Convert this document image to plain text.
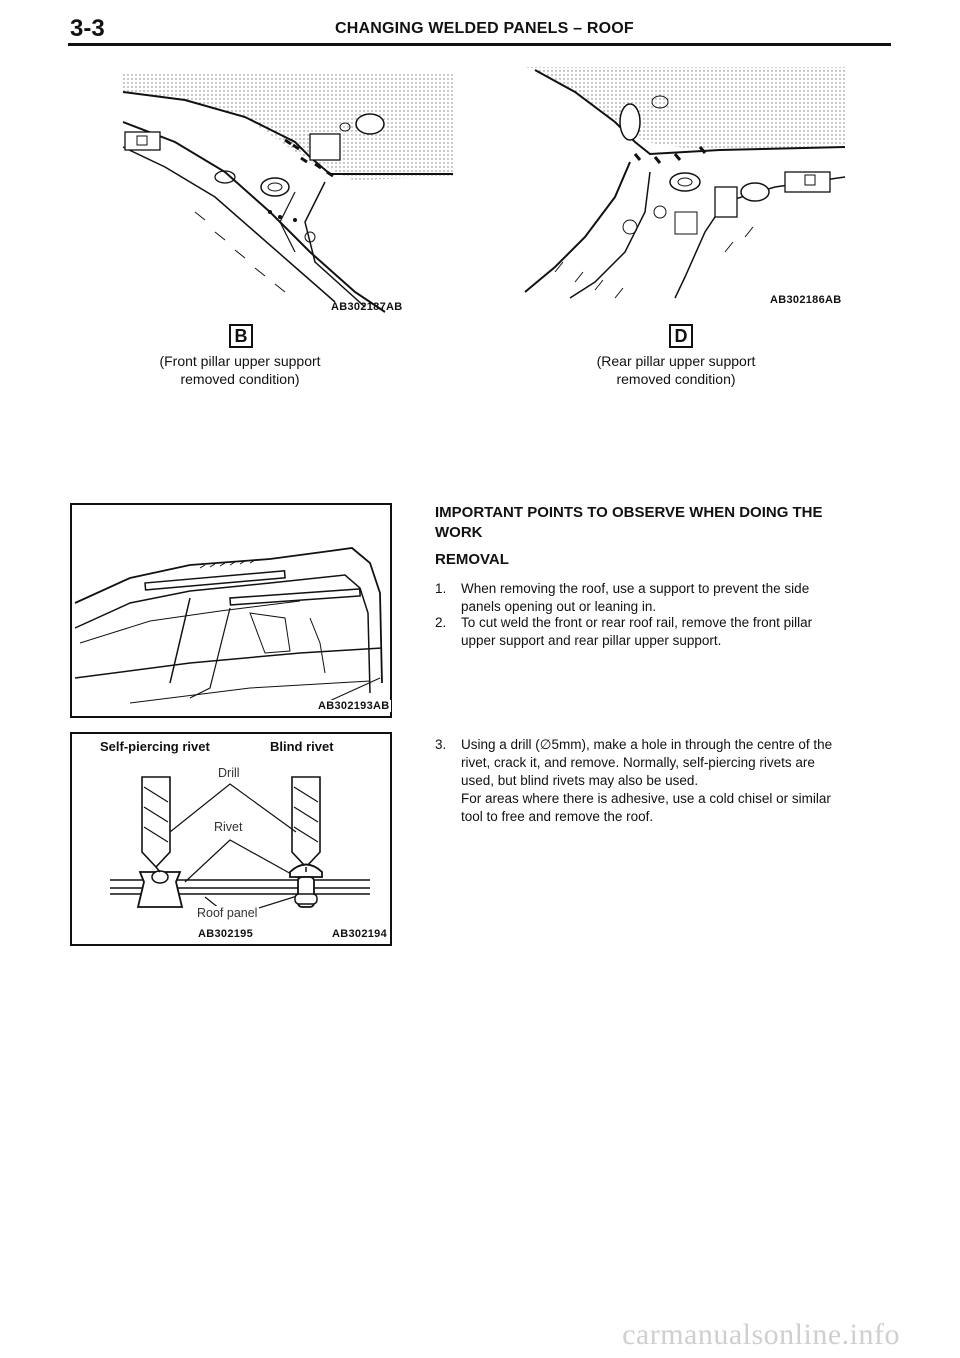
3-3	CHANGING WELDED PANELS – ROOF
AB302187AB
AB302186AB
B	D
(Front pillar upper support
removed condition)
(Rear pillar upper support
removed condition)
AB302193AB
Self-piercing rivet	Blind rivet
Drill
Rivet
Roof panel
AB302195	AB302194
IMPORTANT POINTS TO OBSERVE WHEN DOING THE
WORK
REMOVAL
1. When removing the roof, use a support to prevent the side
panels opening out or leaning in.
2. To cut weld the front or rear roof rail, remove the front pillar
upper support and rear pillar upper support.
3. Using a drill (∅5mm), make a hole in through the centre of the
rivet, crack it, and remove. Normally, self-piercing rivets are
used, but blind rivets may also be used.
For areas where there is adhesive, use a cold chisel or similar
tool to free and remove the roof.
carmanualsonline.info
